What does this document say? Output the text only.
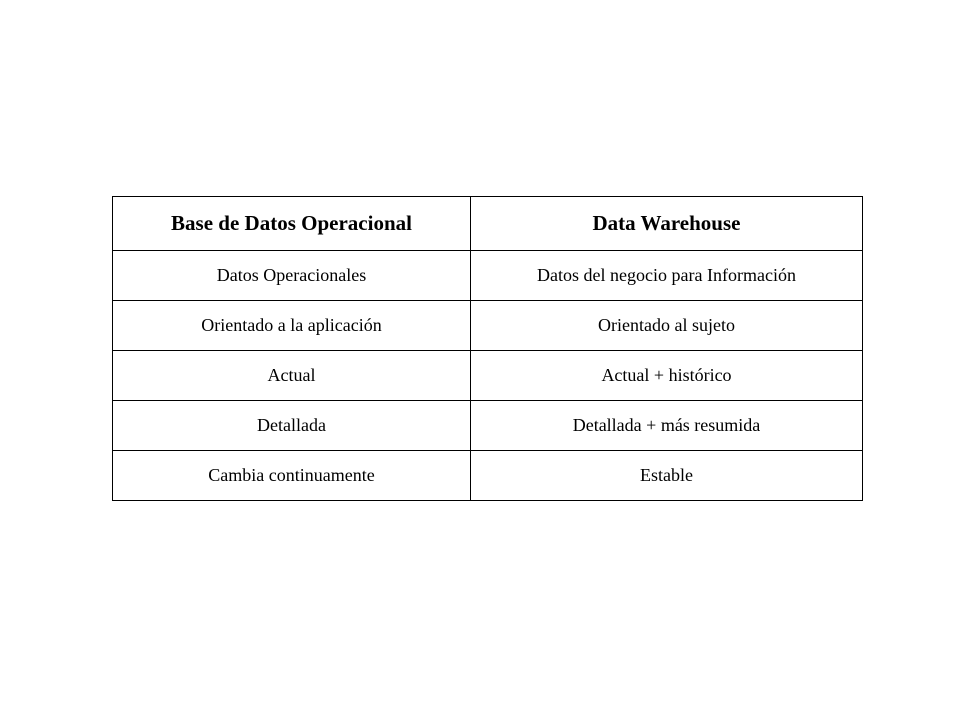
Base de Datos Operacional	Data Warehouse
Datos Operacionales	Datos del negocio para Información
Orientado a la aplicación	Orientado al sujeto
Actual	Actual + histórico
Detallada	Detallada + más resumida
Cambia continuamente	Estable
